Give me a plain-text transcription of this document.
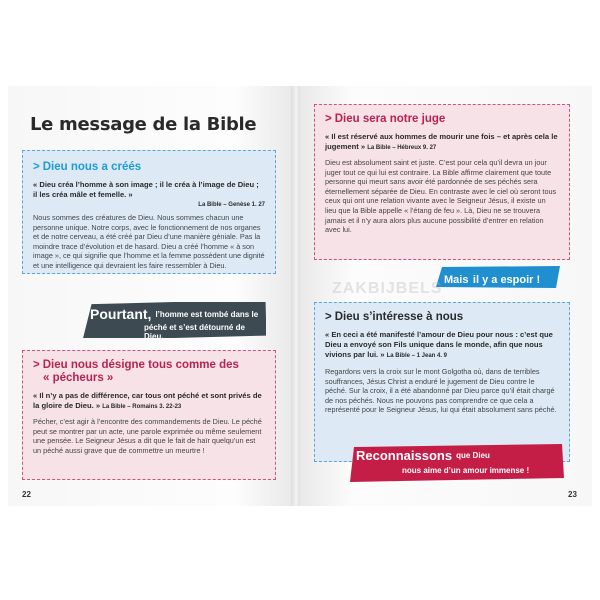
Le message de la Bible
> Dieu nous a créés
« Dieu créa l’homme à son image ; il le créa à l’image de Dieu ; il les créa mâle et femelle. »
La Bible – Genèse 1. 27
Nous sommes des créatures de Dieu. Nous sommes chacun une personne unique. Notre corps, avec le fonctionnement de nos organes et de notre cerveau, a été créé par Dieu d’une manière géniale. Pas la moindre trace d’évolution et de hasard. Dieu a créé l’homme « à son image », ce qui signifie que l’homme et la femme possèdent une dignité et une intelligence qui devraient les faire ressembler à Dieu.
Pourtant, l’homme est tombé dans le
péché et s’est détourné de Dieu.
> Dieu nous désigne tous comme des
« pécheurs »
« Il n’y a pas de différence, car tous ont péché et sont privés de la gloire de Dieu. » La Bible – Romains 3. 22-23
Pécher, c’est agir à l’encontre des commandements de Dieu. Le péché peut se montrer par un acte, une parole exprimée ou même seulement une pensée. Le Seigneur Jésus a dit que le fait de haïr quelqu’un est un péché aussi grave que de commettre un meurtre !
22
> Dieu sera notre juge
« Il est réservé aux hommes de mourir une fois – et après cela le jugement » La Bible – Hébreux 9. 27
Dieu est absolument saint et juste. C’est pour cela qu’il devra un jour juger tout ce qui lui est contraire. La Bible affirme clairement que toute personne qui meurt sans avoir été pardonnée de ses péchés sera éternellement séparée de Dieu. En contraste avec le ciel où seront tous ceux qui ont une relation vivante avec le Seigneur Jésus, il existe un lieu que la Bible appelle « l’étang de feu ». Là, Dieu ne se trouvera jamais et il n’y aura alors plus aucune possibilité d’entrer en relation avec lui.
Mais il y a espoir !
ZAKBIJBELS
> Dieu s’intéresse à nous
« En ceci a été manifesté l’amour de Dieu pour nous : c’est que Dieu a envoyé son Fils unique dans le monde, afin que nous vivions par lui. » La Bible – 1 Jean 4. 9
Regardons vers la croix sur le mont Golgotha où, dans de terribles souffrances, Jésus Christ a enduré le jugement de Dieu contre le péché. Sur la croix, il a été abandonné par Dieu parce qu’il était chargé de nos péchés. Nous ne pouvons pas comprendre ce que cela a représenté pour le Seigneur Jésus, lui qui était absolument sans péché.
Reconnaissons que Dieu
nous aime d’un amour immense !
23
